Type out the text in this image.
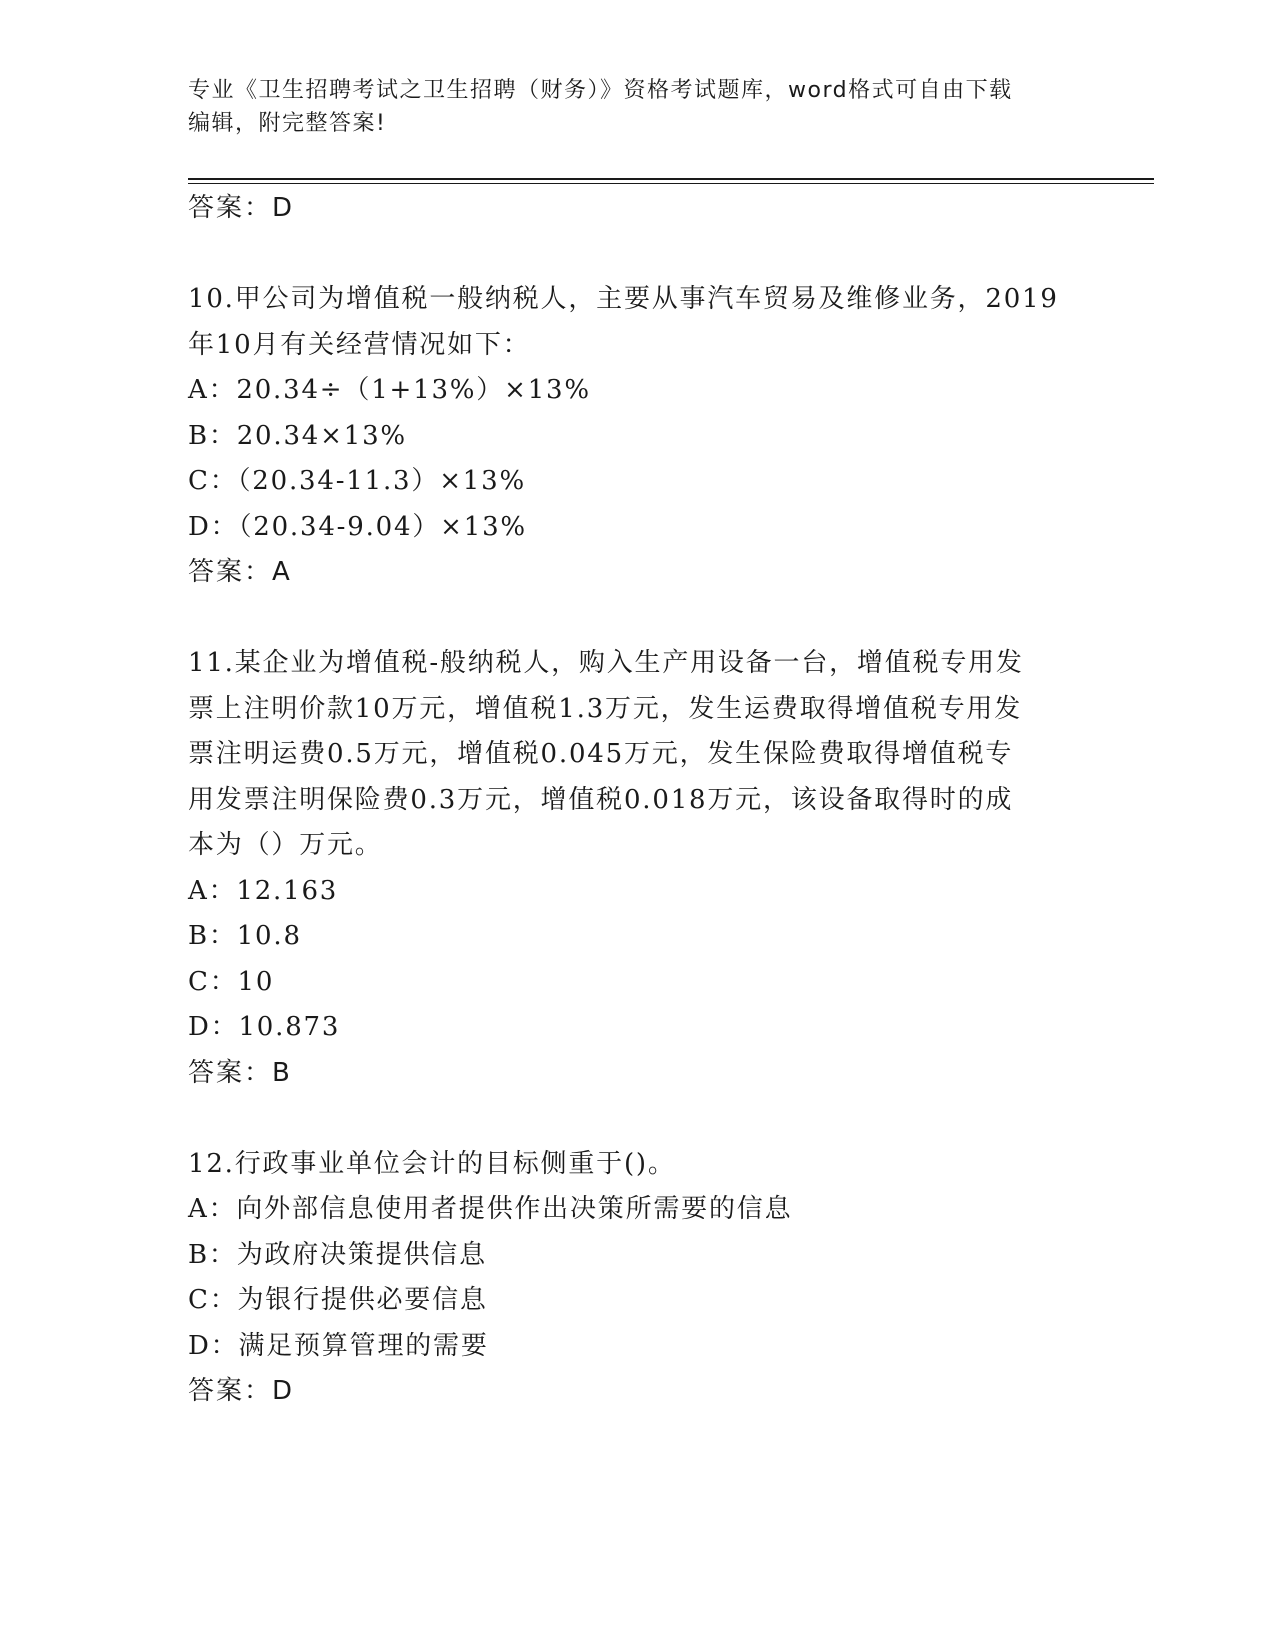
专业《卫生招聘考试之卫生招聘（财务）》资格考试题库，word格式可自由下载
编辑，附完整答案!
答案：D
10.甲公司为增值税一般纳税人，主要从事汽车贸易及维修业务，2019
年10月有关经营情况如下：
A：20.34÷（1+13%）×13%
B：20.34×13%
C：（20.34-11.3）×13%
D：（20.34-9.04）×13%
答案：A
11.某企业为增值税-般纳税人，购入生产用设备一台，增值税专用发
票上注明价款10万元，增值税1.3万元，发生运费取得增值税专用发
票注明运费0.5万元，增值税0.045万元，发生保险费取得增值税专
用发票注明保险费0.3万元，增值税0.018万元，该设备取得时的成
本为（）万元。
A：12.163
B：10.8
C：10
D：10.873
答案：B
12.行政事业单位会计的目标侧重于()。
A：向外部信息使用者提供作出决策所需要的信息
B：为政府决策提供信息
C：为银行提供必要信息
D：满足预算管理的需要
答案：D
